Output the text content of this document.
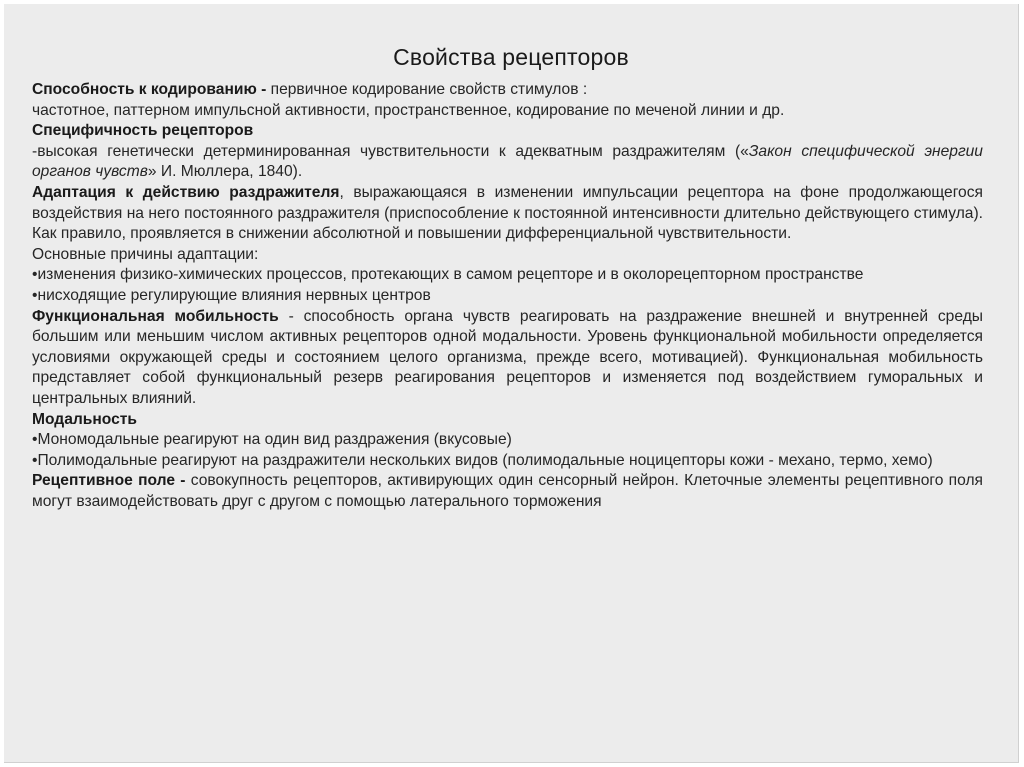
Свойства рецепторов

Способность к кодированию - первичное кодирование свойств стимулов :

частотное, паттерном импульсной активности, пространственное, кодирование по меченой линии и др.

Специфичность рецепторов

-высокая генетически детерминированная чувствительности к адекватным раздражителям («Закон специфической энергии органов чувств» И. Мюллера, 1840).

Адаптация к действию раздражителя, выражающаяся в изменении импульсации рецептора на фоне продолжающегося воздействия на него постоянного раздражителя (приспособление к постоянной интенсивности длительно действующего стимула). Как правило, проявляется в снижении абсолютной и повышении дифференциальной чувствительности.

Основные причины адаптации:

•изменения физико-химических процессов, протекающих в самом рецепторе и в околорецепторном пространстве

•нисходящие регулирующие влияния нервных центров

Функциональная мобильность - способность органа чувств реагировать на раздражение внешней и внутренней среды большим или меньшим числом активных рецепторов одной модальности. Уровень функциональной мобильности определяется условиями окружающей среды и состоянием целого организма, прежде всего, мотивацией). Функциональная мобильность представляет собой функциональный резерв реагирования рецепторов и изменяется под воздействием гуморальных и центральных влияний.

Модальность

•Мономодальные реагируют на один вид раздражения (вкусовые)

•Полимодальные реагируют на раздражители нескольких видов (полимодальные ноцицепторы кожи - механо, термо, хемо)

Рецептивное поле - совокупность рецепторов, активирующих один сенсорный нейрон. Клеточные элементы рецептивного поля могут взаимодействовать друг с другом с помощью латерального торможения
